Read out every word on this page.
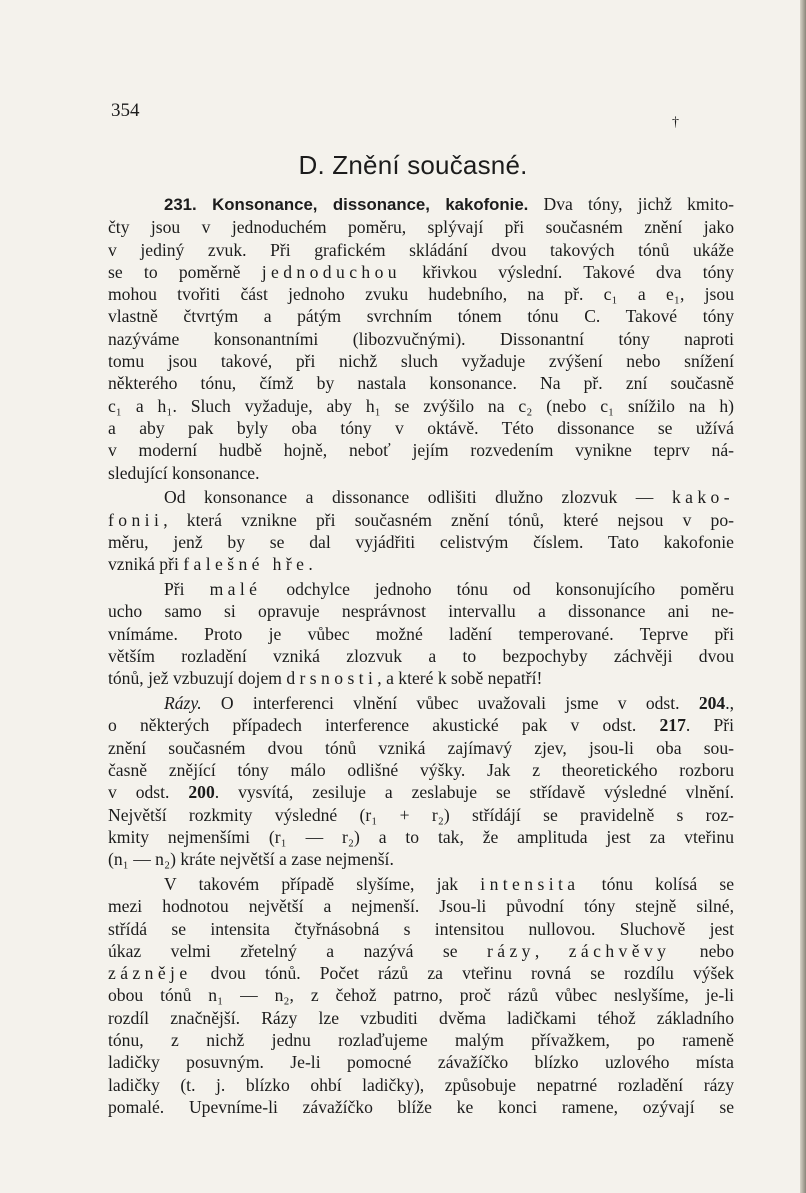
354
†
D. Znění současné.
231. Konsonance, dissonance, kakofonie. Dva tóny, jichž kmito-
čty jsou v jednoduchém poměru, splývají při současném znění jako
v jediný zvuk. Při grafickém skládání dvou takových tónů ukáže
se to poměrně jednoduchou křivkou výslední. Takové dva tóny
mohou tvořiti část jednoho zvuku hudebního, na př. c₁ a e₁, jsou
vlastně čtvrtým a pátým svrchním tónem tónu C. Takové tóny
nazýváme konsonantními (libozvučnými). Dissonantní tóny naproti
tomu jsou takové, při nichž sluch vyžaduje zvýšení nebo snížení
některého tónu, čímž by nastala konsonance. Na př. zní současně
c₁ a h₁. Sluch vyžaduje, aby h₁ se zvýšilo na c₂ (nebo c₁ snížilo na h)
a aby pak byly oba tóny v oktávě. Této dissonance se užívá
v moderní hudbě hojně, neboť jejím rozvedením vynikne teprv ná-
sledující konsonance.
Od konsonance a dissonance odlišiti dlužno zlozvuk — kako-
fonii, která vznikne při současném znění tónů, které nejsou v po-
měru, jenž by se dal vyjádřiti celistvým číslem. Tato kakofonie
vzniká při falešné hře.
Při malé odchylce jednoho tónu od konsonujícího poměru
ucho samo si opravuje nesprávnost intervallu a dissonance ani ne-
vnímáme. Proto je vůbec možné ladění temperované. Teprve při
větším rozladění vzniká zlozvuk a to bezpochyby záchvěji dvou
tónů, jež vzbuzují dojem drsnosti, a které k sobě nepatří!
Rázy. O interferenci vlnění vůbec uvažovali jsme v odst. 204.,
o některých případech interference akustické pak v odst. 217. Při
znění současném dvou tónů vzniká zajímavý zjev, jsou-li oba sou-
časně znějící tóny málo odlišné výšky. Jak z theoretického rozboru
v odst. 200. vysvítá, zesiluje a zeslabuje se střídavě výsledné vlnění.
Největší rozkmity výsledné (r₁ + r₂) střídájí se pravidelně s roz-
kmity nejmenšími (r₁ — r₂) a to tak, že amplituda jest za vteřinu
(n₁ — n₂) kráte největší a zase nejmenší.
V takovém případě slyšíme, jak intensita tónu kolísá se
mezi hodnotou největší a nejmenší. Jsou-li původní tóny stejně silné,
střídá se intensita čtyřnásobná s intensitou nullovou. Sluchově jest
úkaz velmi zřetelný a nazývá se rázy, záchvěvy nebo
zázněje dvou tónů. Počet rázů za vteřinu rovná se rozdílu výšek
obou tónů n₁ — n₂, z čehož patrno, proč rázů vůbec neslyšíme, je-li
rozdíl značnější. Rázy lze vzbuditi dvěma ladičkami téhož základního
tónu, z nichž jednu rozlaďujeme malým přívažkem, po rameně
ladičky posuvným. Je-li pomocné závažíčko blízko uzlového místa
ladičky (t. j. blízko ohbí ladičky), způsobuje nepatrné rozladění rázy
pomalé. Upevníme-li závažíčko blíže ke konci ramene, ozývají se
